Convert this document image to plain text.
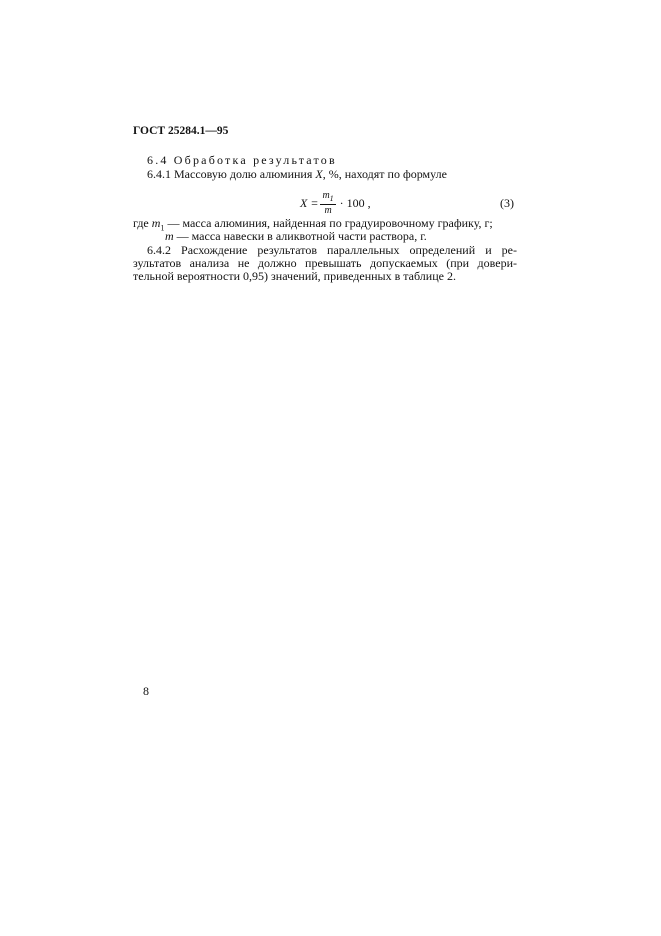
ГОСТ 25284.1—95
6.4 Обработка результатов
6.4.1 Массовую долю алюминия X, %, находят по формуле
$X = \frac{m_1}{m} \cdot 100$ ,	(3)
где $m_1$ — масса алюминия, найденная по градуировочному графику, г;
m — масса навески в аликвотной части раствора, г.
6.4.2 Расхождение результатов параллельных определений и ре-
зультатов анализа не должно превышать допускаемых (при довери-
тельной вероятности 0,95) значений, приведенных в таблице 2.
8
